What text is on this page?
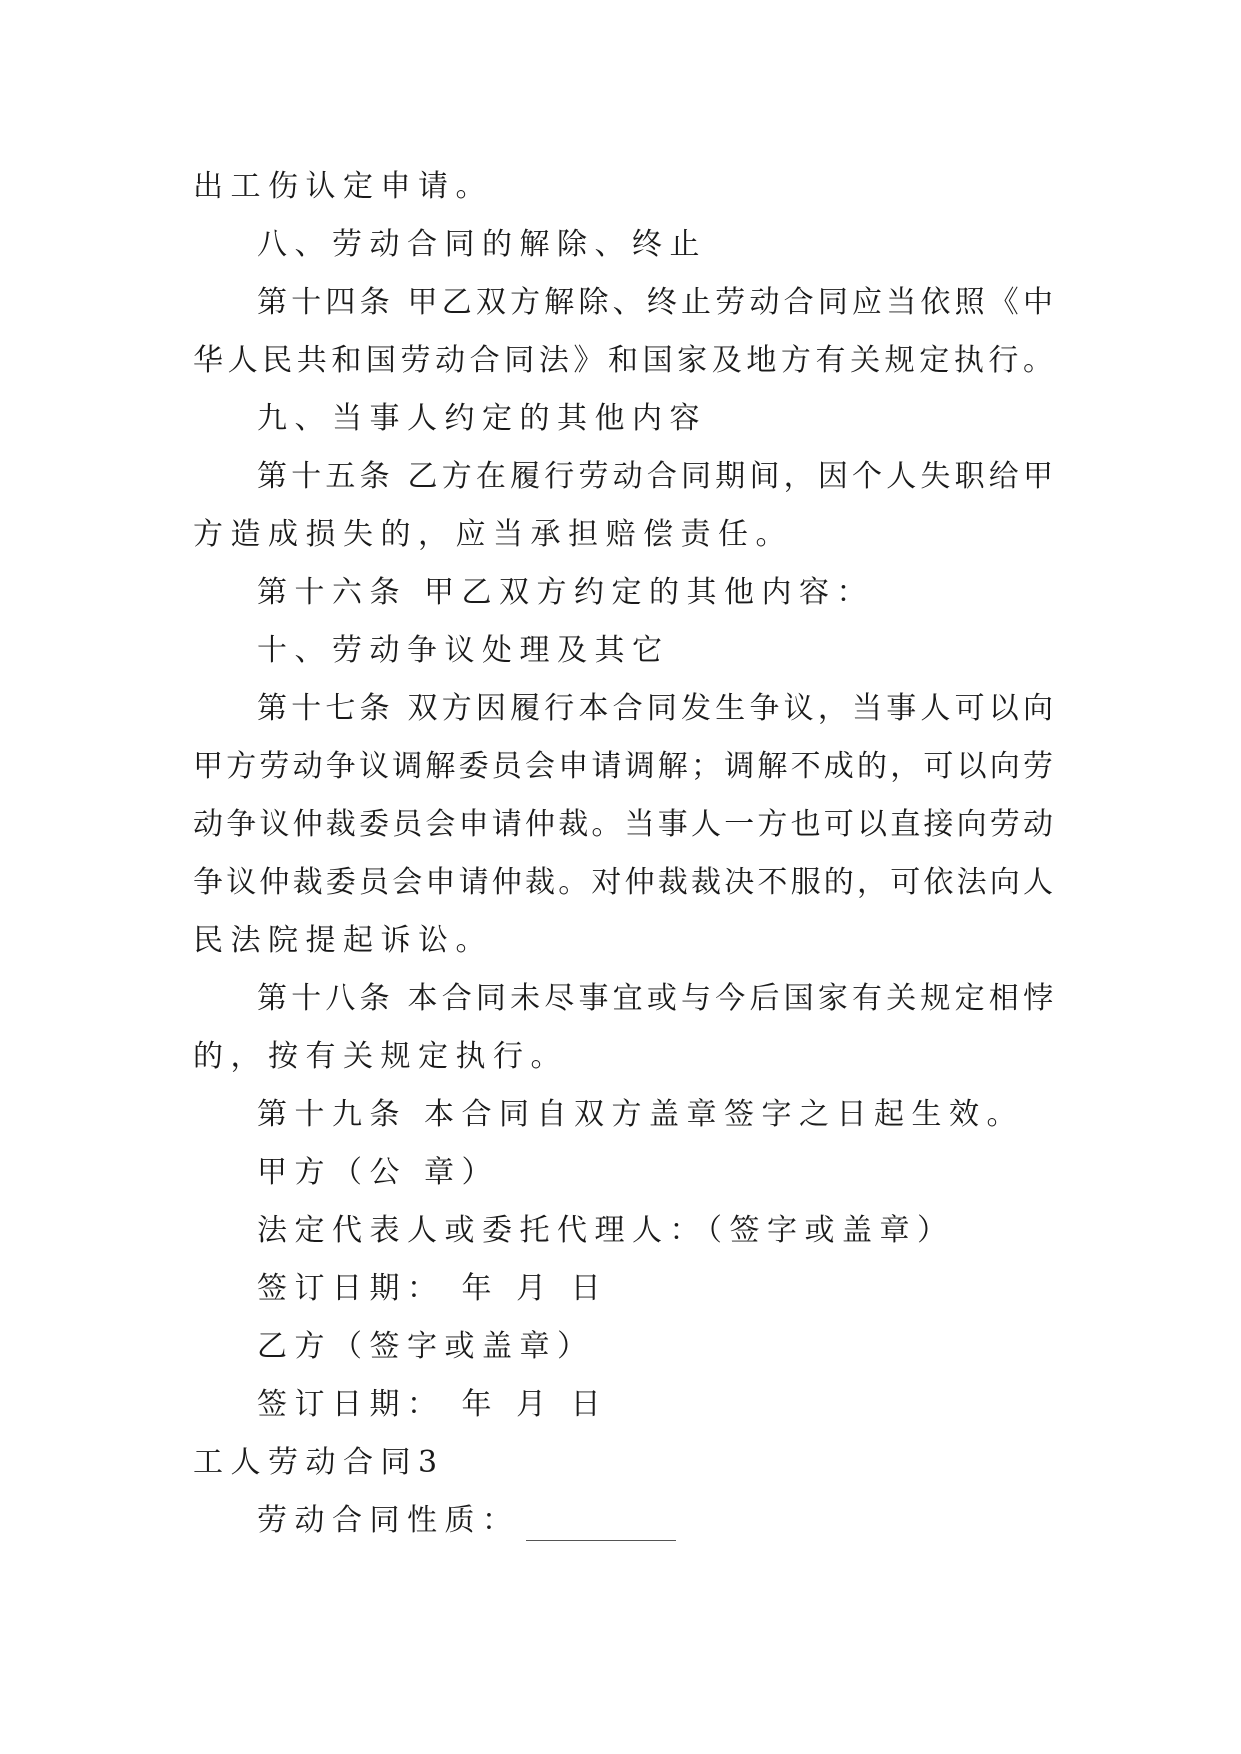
出工伤认定申请。
八、劳动合同的解除、终止
第十四条 甲乙双方解除、终止劳动合同应当依照《中
华人民共和国劳动合同法》和国家及地方有关规定执行。
九、当事人约定的其他内容
第十五条 乙方在履行劳动合同期间，因个人失职给甲
方造成损失的，应当承担赔偿责任。
第十六条 甲乙双方约定的其他内容：
十、劳动争议处理及其它
第十七条 双方因履行本合同发生争议，当事人可以向
甲方劳动争议调解委员会申请调解；调解不成的，可以向劳
动争议仲裁委员会申请仲裁。当事人一方也可以直接向劳动
争议仲裁委员会申请仲裁。对仲裁裁决不服的，可依法向人
民法院提起诉讼。
第十八条 本合同未尽事宜或与今后国家有关规定相悖
的，按有关规定执行。
第十九条 本合同自双方盖章签字之日起生效。
甲方（公 章）
法定代表人或委托代理人：（签字或盖章）
签订日期： 年 月 日
乙方（签字或盖章）
签订日期： 年 月 日
工人劳动合同3
劳动合同性质：
